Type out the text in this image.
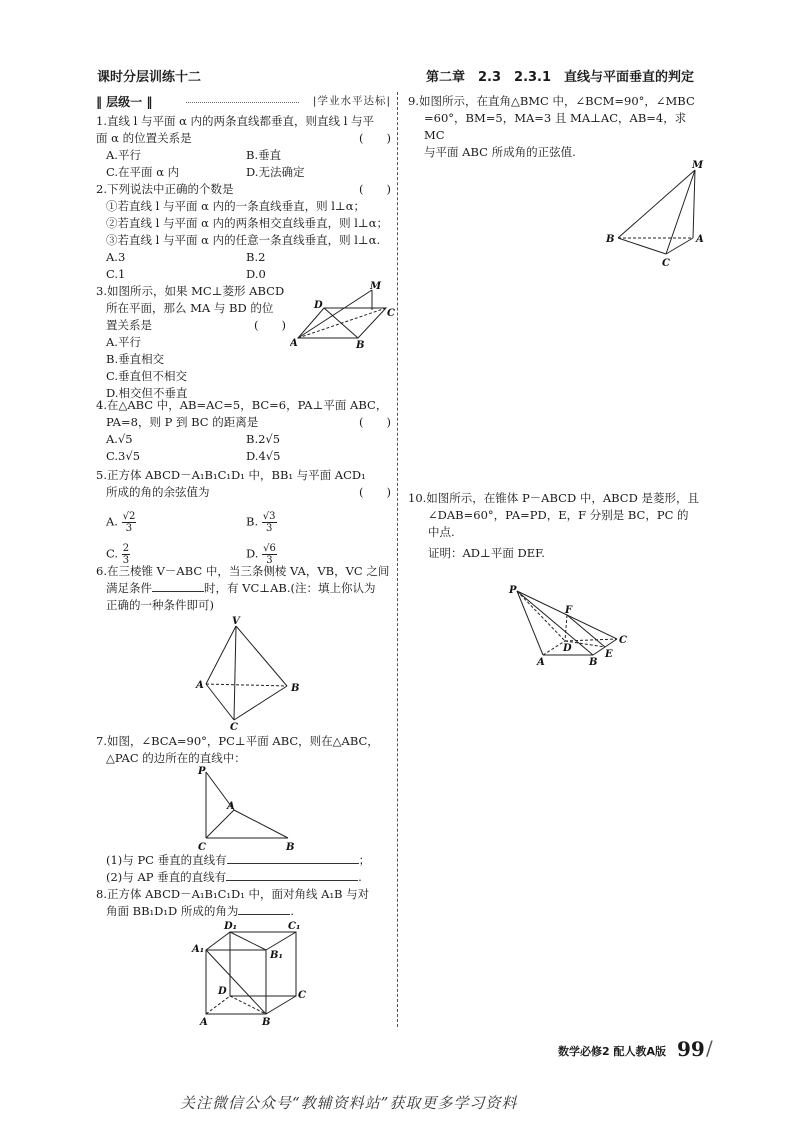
课时分层训练十二	第二章　2.3　2.3.1　直线与平面垂直的判定
‖ 层级一 ‖	|学业水平达标|

1.直线 l 与平面 α 内的两条直线都垂直，则直线 l 与平

面 α 的位置关系是	(　　)

A.平行	B.垂直
C.在平面 α 内	D.无法确定

2.下列说法中正确的个数是	(　　)

①若直线 l 与平面 α 内的一条直线垂直，则 l⊥α；

②若直线 l 与平面 α 内的两条相交直线垂直，则 l⊥α；

③若直线 l 与平面 α 内的任意一条直线垂直，则 l⊥α.

A.3	B.2
C.1	D.0

3.如图所示，如果 MC⊥菱形 ABCD

所在平面，那么 MA 与 BD 的位

置关系是	(　　)

A.平行

B.垂直相交

C.垂直但不相交

D.相交但不垂直

M
D
C
A	B

4.在△ABC 中，AB=AC=5，BC=6，PA⊥平面 ABC，

PA=8，则 P 到 BC 的距离是	(　　)

A.√5	B.2√5
C.3√5	D.4√5

5.正方体 ABCD－A₁B₁C₁D₁ 中，BB₁ 与平面 ACD₁

所成的角的余弦值为	(　　)

A. $\frac{√2}{3}$	B. $\frac{√3}{3}$
C. $\frac{2}{3}$	D. $\frac{√6}{3}$

6.在三棱锥 V－ABC 中，当三条侧棱 VA，VB，VC 之间

满足条件	时，有 VC⊥AB.(注：填上你认为

正确的一种条件即可)

V
A	B
C

7.如图，∠BCA=90°，PC⊥平面 ABC，则在△ABC，

△PAC 的边所在的直线中：

P
A
C	B

(1)与 PC 垂直的直线有	；

(2)与 AP 垂直的直线有	.

8.正方体 ABCD－A₁B₁C₁D₁ 中，面对角线 A₁B 与对

角面 BB₁D₁D 所成的角为	.

D₁	C₁
A₁
B₁
D	C
A	B

9.如图所示，在直角△BMC 中，∠BCM=90°，∠MBC

=60°，BM=5，MA=3 且 MA⊥AC，AB=4，求 MC

与平面 ABC 所成角的正弦值.

M
B	A
C

10.如图所示，在锥体 P－ABCD 中，ABCD 是菱形，且

∠DAB=60°，PA=PD，E，F 分别是 BC，PC 的

中点.

证明：AD⊥平面 DEF.

P
F
C
D
A	B
E
数学必修2 配人教A版 99 /
关注微信公众号“教辅资料站”获取更多学习资料
